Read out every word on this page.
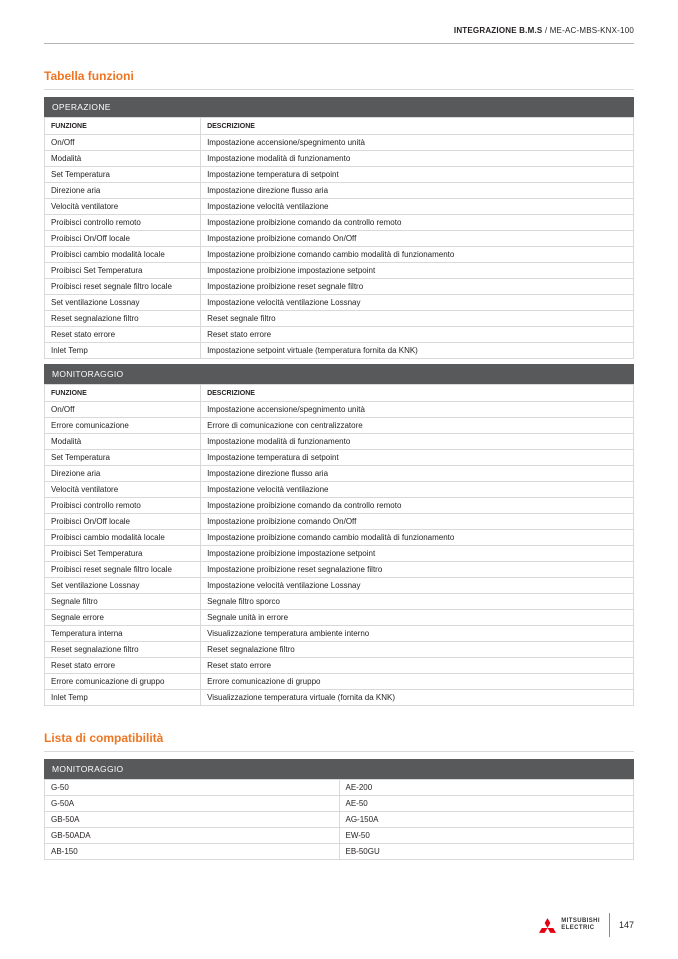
INTEGRAZIONE B.M.S / ME-AC-MBS-KNX-100
Tabella funzioni
OPERAZIONE
FUNZIONE	DESCRIZIONE
On/Off	Impostazione accensione/spegnimento unità
Modalità	Impostazione modalità di funzionamento
Set Temperatura	Impostazione temperatura di setpoint
Direzione aria	Impostazione direzione flusso aria
Velocità ventilatore	Impostazione velocità ventilazione
Proibisci controllo remoto	Impostazione proibizione comando da controllo remoto
Proibisci On/Off locale	Impostazione proibizione comando On/Off
Proibisci cambio modalità locale	Impostazione proibizione comando cambio modalità di funzionamento
Proibisci Set Temperatura	Impostazione proibizione impostazione setpoint
Proibisci reset segnale filtro locale	Impostazione proibizione reset segnale filtro
Set ventilazione Lossnay	Impostazione velocità ventilazione Lossnay
Reset segnalazione filtro	Reset segnale filtro
Reset stato errore	Reset stato errore
Inlet Temp	Impostazione setpoint virtuale (temperatura fornita da KNK)
MONITORAGGIO
FUNZIONE	DESCRIZIONE
On/Off	Impostazione accensione/spegnimento unità
Errore comunicazione	Errore di comunicazione con centralizzatore
Modalità	Impostazione modalità di funzionamento
Set Temperatura	Impostazione temperatura di setpoint
Direzione aria	Impostazione direzione flusso aria
Velocità ventilatore	Impostazione velocità ventilazione
Proibisci controllo remoto	Impostazione proibizione comando da controllo remoto
Proibisci On/Off locale	Impostazione proibizione comando On/Off
Proibisci cambio modalità locale	Impostazione proibizione comando cambio modalità di funzionamento
Proibisci Set Temperatura	Impostazione proibizione impostazione setpoint
Proibisci reset segnale filtro locale	Impostazione proibizione reset segnalazione filtro
Set ventilazione Lossnay	Impostazione velocità ventilazione Lossnay
Segnale filtro	Segnale filtro sporco
Segnale errore	Segnale unità in errore
Temperatura interna	Visualizzazione temperatura ambiente interno
Reset segnalazione filtro	Reset segnalazione filtro
Reset stato errore	Reset stato errore
Errore comunicazione di gruppo	Errore comunicazione di gruppo
Inlet Temp	Visualizzazione temperatura virtuale (fornita da KNK)
Lista di compatibilità
MONITORAGGIO
G-50	AE-200
G-50A	AE-50
GB-50A	AG-150A
GB-50ADA	EW-50
AB-150	EB-50GU
MITSUBISHI
ELECTRIC	147
